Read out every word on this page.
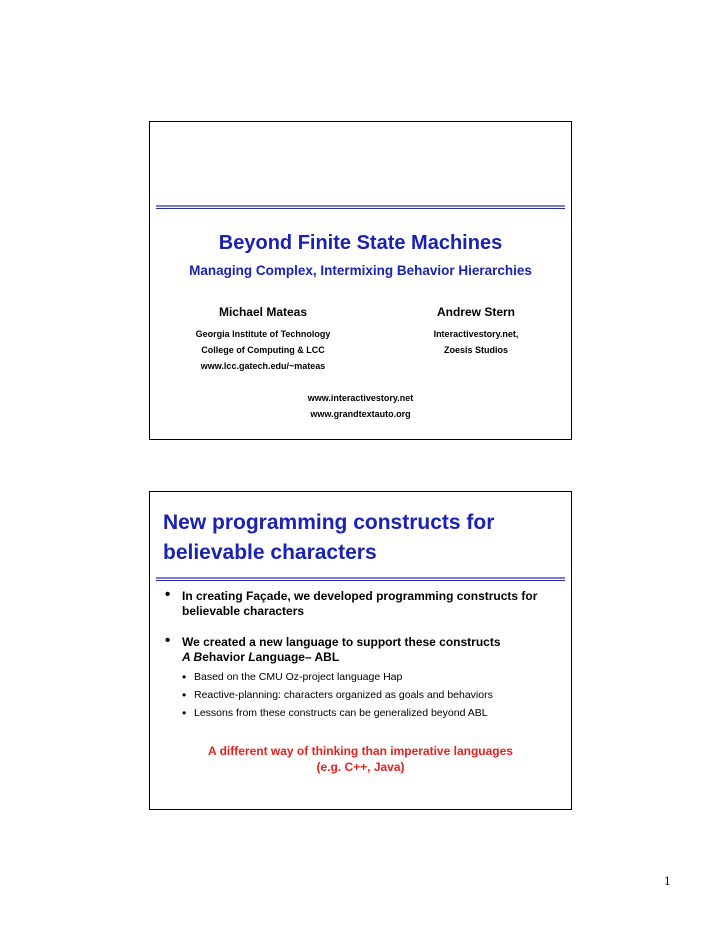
Beyond Finite State Machines
Managing Complex, Intermixing Behavior Hierarchies
Michael Mateas
Georgia Institute of Technology
College of Computing & LCC
www.lcc.gatech.edu/~mateas
Andrew Stern
Interactivestory.net,
Zoesis Studios
www.interactivestory.net
www.grandtextauto.org
New programming constructs for
believable characters
• In creating Façade, we developed programming constructs for believable characters
• We created a new language to support these constructs
A Behavior Language– ABL
• Based on the CMU Oz-project language Hap
• Reactive-planning: characters organized as goals and behaviors
• Lessons from these constructs can be generalized beyond ABL
A different way of thinking than imperative languages
(e.g. C++, Java)
1
